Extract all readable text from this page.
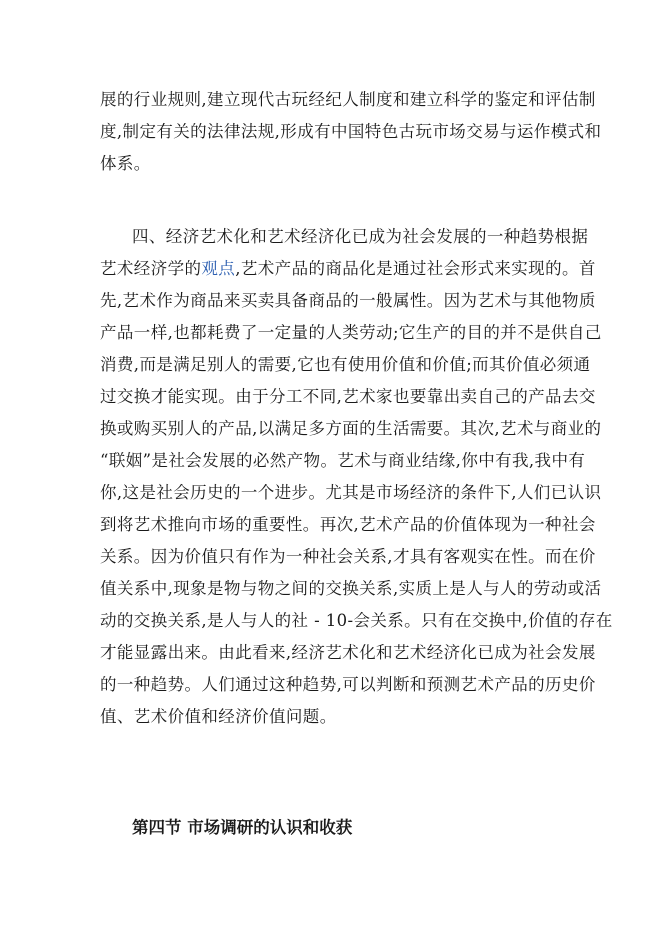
展的行业规则,建立现代古玩经纪人制度和建立科学的鉴定和评估制
度,制定有关的法律法规,形成有中国特色古玩市场交易与运作模式和
体系。
四、经济艺术化和艺术经济化已成为社会发展的一种趋势根据
艺术经济学的观点,艺术产品的商品化是通过社会形式来实现的。首
先,艺术作为商品来买卖具备商品的一般属性。因为艺术与其他物质
产品一样,也都耗费了一定量的人类劳动;它生产的目的并不是供自己
消费,而是满足别人的需要,它也有使用价值和价值;而其价值必须通
过交换才能实现。由于分工不同,艺术家也要靠出卖自己的产品去交
换或购买别人的产品,以满足多方面的生活需要。其次,艺术与商业的
“联姻”是社会发展的必然产物。艺术与商业结缘,你中有我,我中有
你,这是社会历史的一个进步。尤其是市场经济的条件下,人们已认识
到将艺术推向市场的重要性。再次,艺术产品的价值体现为一种社会
关系。因为价值只有作为一种社会关系,才具有客观实在性。而在价
值关系中,现象是物与物之间的交换关系,实质上是人与人的劳动或活
动的交换关系,是人与人的社 - 10-会关系。只有在交换中,价值的存在
才能显露出来。由此看来,经济艺术化和艺术经济化已成为社会发展
的一种趋势。人们通过这种趋势,可以判断和预测艺术产品的历史价
值、艺术价值和经济价值问题。
第四节 市场调研的认识和收获
